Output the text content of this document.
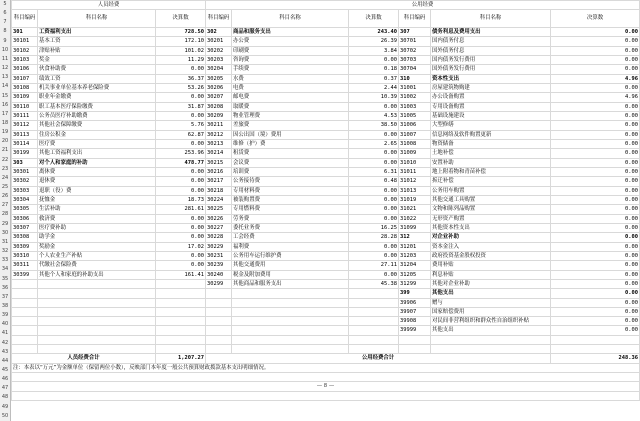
5
6
7
8
9
10
11
12
13
14
15
16
17
18
19
20
21
22
23
24
25
26
27
28
29
30
31
32
33
34
35
36
37
38
39
40
41
42
43
44
45
46
47
48
49
50
人员经费			公用经费					
科目编码	科目名称	决算数	科目编码	科目名称	决算数	科目编码	科目名称	决算数
301	工资福利支出	728.50	302	商品和服务支出	243.40	307	债务利息及费用支出	0.00
30101	基本工资	172.10	30201	办公费	26.39	30701	国内债务付息	0.00
30102	津贴补贴	101.02	30202	印刷费	3.84	30702	国外债务付息	0.00
30103	奖金	11.29	30203	咨询费	0.00	30703	国内债务发行费用	0.00
30106	伙食补助费	0.00	30204	手续费	0.18	30704	国外债务发行费用	0.00
30107	绩效工资	36.37	30205	水费	0.37	310	资本性支出	4.96
30108	机关事业单位基本养老保险费	53.26	30206	电费	2.44	31001	房屋建筑物购建	0.00
30109	职业年金缴费	0.00	30207	邮电费	10.39	31002	办公设备购置	4.96
30110	职工基本医疗保险缴费	31.87	30208	取暖费	0.00	31003	专用设备购置	0.00
30111	公务员医疗补助缴费	0.00	30209	物业管理费	4.53	31005	基础设施建设	0.00
30112	其他社会保障缴费	5.76	30211	差旅费	38.50	31006	大型修缮	0.00
30113	住房公积金	62.87	30212	因公出国（境）费用	0.00	31007	信息网络及软件购置更新	0.00
30114	医疗费	0.00	30213	维修（护）费	2.65	31008	物资储备	0.00
30199	其他工资福利支出	253.96	30214	租赁费	0.00	31009	土地补偿	0.00
303	对个人和家庭的补助	478.77	30215	会议费	0.00	31010	安置补助	0.00
30301	离休费	0.00	30216	培训费	6.31	31011	地上附着物和青苗补偿	0.00
30302	退休费	0.00	30217	公务接待费	0.48	31012	拆迁补偿	0.00
30303	退职（役）费	0.00	30218	专用材料费	0.00	31013	公务用车购置	0.00
30304	抚恤金	18.73	30224	被装购置费	0.00	31019	其他交通工具购置	0.00
30305	生活补助	281.61	30225	专用燃料费	0.00	31021	文物和陈列品购置	0.00
30306	救济费	0.00	30226	劳务费	0.00	31022	无形资产购置	0.00
30307	医疗费补助	0.00	30227	委托业务费	16.25	31099	其他资本性支出	0.00
30308	助学金	0.00	30228	工会经费	28.28	312	对企业补助	0.00
30309	奖励金	17.02	30229	福利费	0.00	31201	资本金注入	0.00
30310	个人农业生产补贴	0.00	30231	公务用车运行维护费	0.00	31203	政府投资基金股权投资	0.00
30311	代缴社会保险费	0.00	30239	其他交通费用	27.11	31204	费用补贴	0.00
30399	其他个人和家庭的补助支出	161.41	30240	税金及附加费用	0.00	31205	利息补贴	0.00
			30299	其他商品和服务支出	45.38	31299	其他对企业补助	0.00
						399	其他支出	0.00
						39906	赠与	0.00
						39907	国家赔偿费用	0.00
						39908	对民间非营利组织和群众性自治组织补贴	0.00
						39999	其他支出	0.00

人员经费合计		1,207.27	公用经费合计					248.36
注：本表以“万元”为金额单位（保留两位小数），反映部门本年度一般公共预算财政拨款基本支出明细情况。								

— 8 —								
